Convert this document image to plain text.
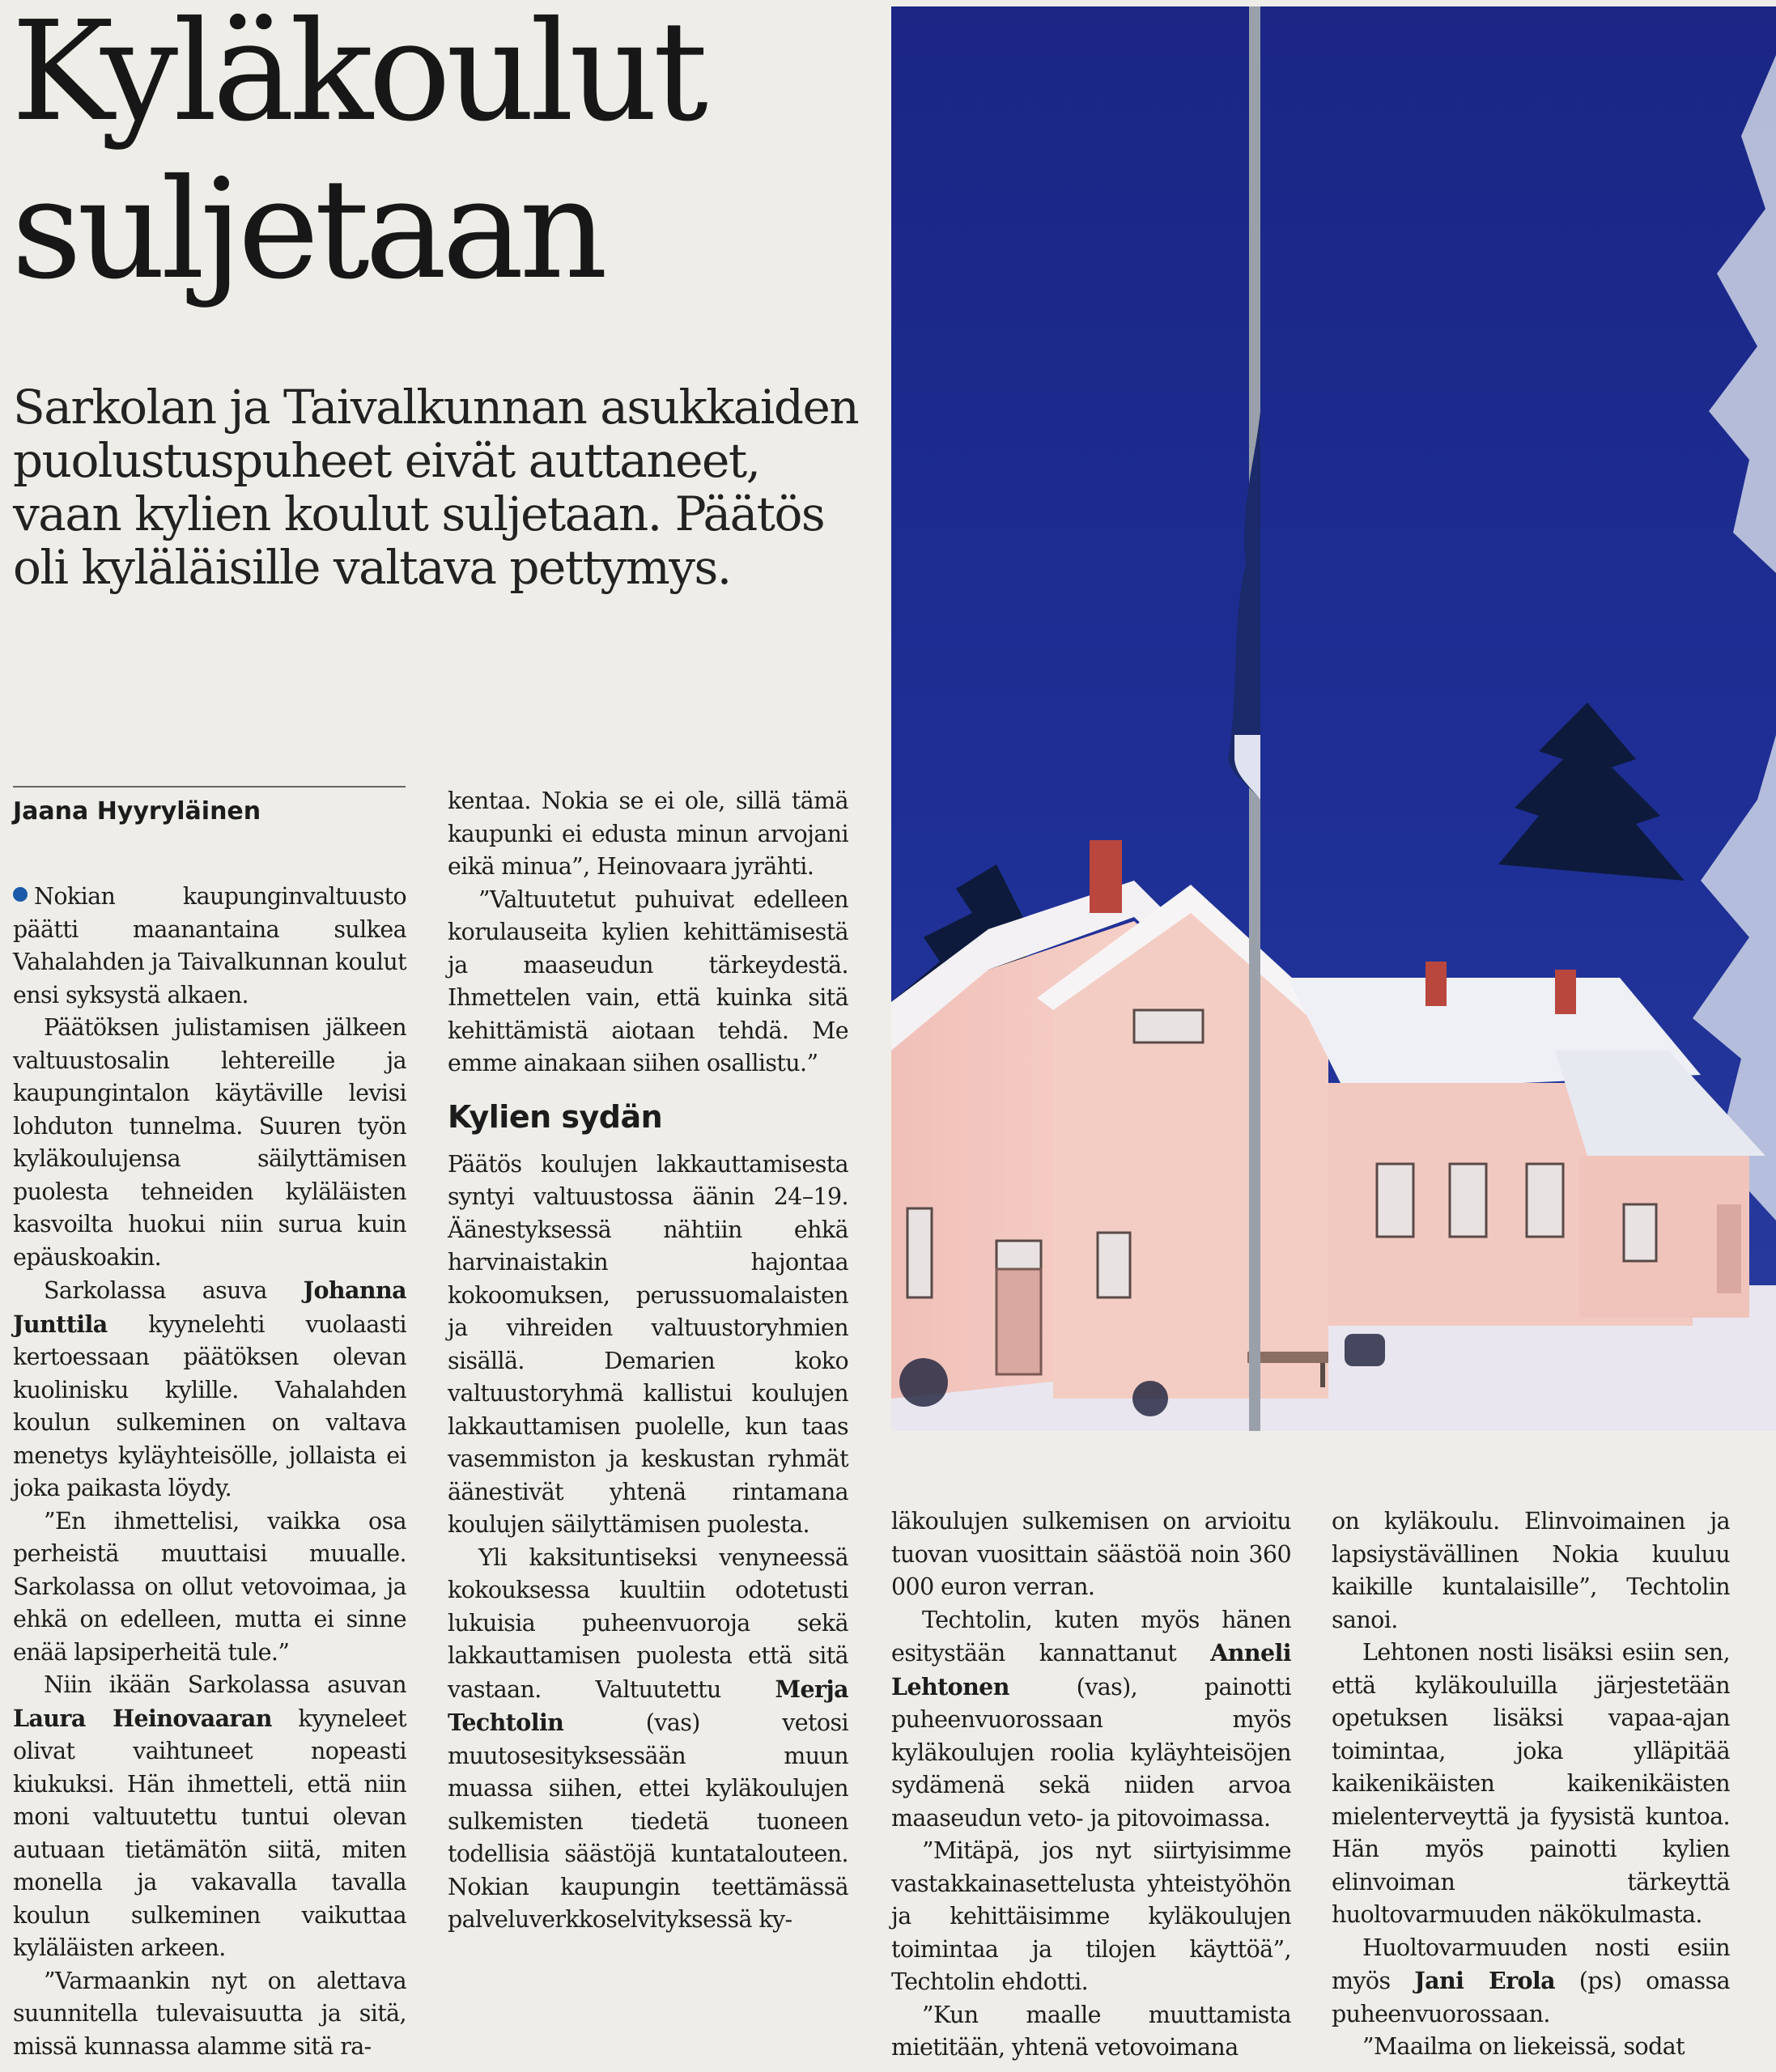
Kyläkoulut suljetaan

Sarkolan ja Taivalkunnan asukkaiden puolustuspuheet eivät auttaneet, vaan kylien koulut suljetaan. Päätös oli kyläläisille valtava pettymys.

Jaana Hyyryläinen

Nokian kaupunginvaltuusto päätti maanantaina sulkea Vahalahden ja Taivalkunnan koulut ensi syksystä alkaen.

Päätöksen julistamisen jälkeen valtuustosalin lehtereille ja kaupungintalon käytäville levisi lohduton tunnelma. Suuren työn kyläkoulujensa säilyttämisen puolesta tehneiden kyläläisten kasvoilta huokui niin surua kuin epäuskoakin.

Sarkolassa asuva Johanna Junttila kyynelehti vuolaasti kertoessaan päätöksen olevan kuolinisku kylille. Vahalahden koulun sulkeminen on valtava menetys kyläyhteisölle, jollaista ei joka paikasta löydy.

”En ihmettelisi, vaikka osa perheistä muuttaisi muualle. Sarkolassa on ollut vetovoimaa, ja ehkä on edelleen, mutta ei sinne enää lapsiperheitä tule.”

Niin ikään Sarkolassa asuvan Laura Heinovaaran kyyneleet olivat vaihtuneet nopeasti kiukuksi. Hän ihmetteli, että niin moni valtuutettu tuntui olevan autuaan tietämätön siitä, miten monella ja vakavalla tavalla koulun sulkeminen vaikuttaa kyläläisten arkeen.

”Varmaankin nyt on alettava suunnitella tulevaisuutta ja sitä, missä kunnassa alamme sitä ra-

kentaa. Nokia se ei ole, sillä tämä kaupunki ei edusta minun arvojani eikä minua”, Heinovaara jyrähti.

”Valtuutetut puhuivat edelleen korulauseita kylien kehittämisestä ja maaseudun tärkeydestä. Ihmettelen vain, että kuinka sitä kehittämistä aiotaan tehdä. Me emme ainakaan siihen osallistu.”

Kylien sydän

Päätös koulujen lakkauttamisesta syntyi valtuustossa äänin 24–19. Äänestyksessä nähtiin ehkä harvinaistakin hajontaa kokoomuksen, perussuomalaisten ja vihreiden valtuustoryhmien sisällä. Demarien koko valtuustoryhmä kallistui koulujen lakkauttamisen puolelle, kun taas vasemmiston ja keskustan ryhmät äänestivät yhtenä rintamana koulujen säilyttämisen puolesta.

Yli kaksituntiseksi venyneessä kokouksessa kuultiin odotetusti lukuisia puheenvuoroja sekä lakkauttamisen puolesta että sitä vastaan. Valtuutettu Merja Techtolin (vas) vetosi muutosesityksessään muun muassa siihen, ettei kyläkoulujen sulkemisten tiedetä tuoneen todellisia säästöjä kuntatalouteen. Nokian kaupungin teettämässä palveluverkkoselvityksessä ky-

läkoulujen sulkemisen on arvioitu tuovan vuosittain säästöä noin 360 000 euron verran.

Techtolin, kuten myös hänen esitystään kannattanut Anneli Lehtonen (vas), painotti puheenvuorossaan myös kyläkoulujen roolia kyläyhteisöjen sydämenä sekä niiden arvoa maaseudun veto- ja pitovoimassa.

”Mitäpä, jos nyt siirtyisimme vastakkainasettelusta yhteistyöhön ja kehittäisimme kyläkoulujen toimintaa ja tilojen käyttöä”, Techtolin ehdotti.

”Kun maalle muuttamista mietitään, yhtenä vetovoimana

on kyläkoulu. Elinvoimainen ja lapsiystävällinen Nokia kuuluu kaikille kuntalaisille”, Techtolin sanoi.

Lehtonen nosti lisäksi esiin sen, että kyläkouluilla järjestetään opetuksen lisäksi vapaa-ajan toimintaa, joka ylläpitää kaikenikäisten kaikenikäisten mielenterveyttä ja fyysistä kuntoa. Hän myös painotti kylien elinvoiman tärkeyttä huoltovarmuuden näkökulmasta.

Huoltovarmuuden nosti esiin myös Jani Erola (ps) omassa puheenvuorossaan.

”Maailma on liekeissä, sodat
